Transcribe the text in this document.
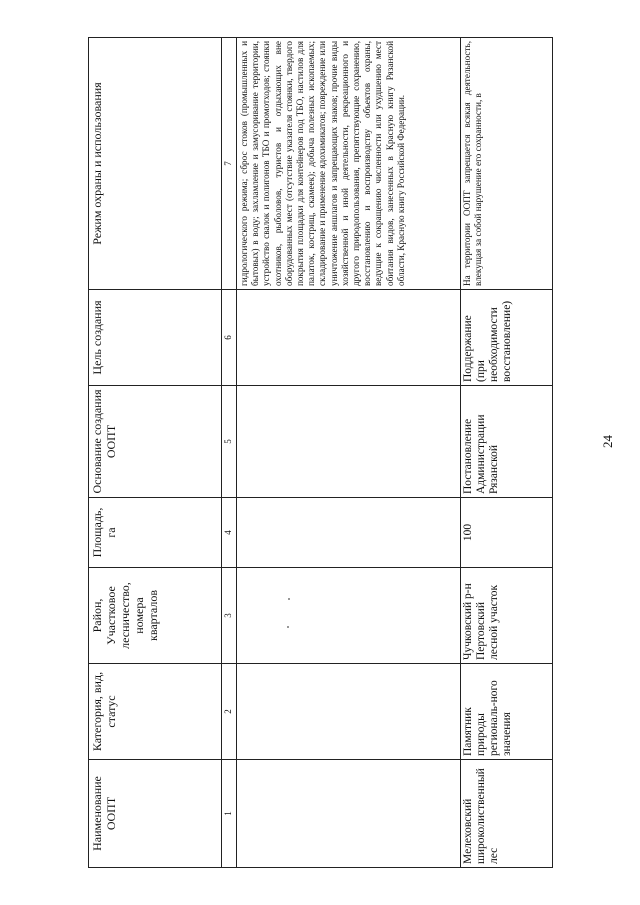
Наименование ООПТ	Категория, вид, статус	Район, Участковое лесничество, номера кварталов	Площадь, га	Основание создания ООПТ	Цель создания	Режим охраны и использования
1	2	3	4	5	6	7
						гидрологического режима; сброс стоков (промышленных и бытовых) в воду; захламление и замусоривание территории, устройство свалок и полигонов ТБО и промотходов; стоянки охотников, рыболовов, туристов и отдыхающих вне оборудованных мест (отсутствие указателя стоянки, твердого покрытия площадки для контейнеров под ТБО, настилов для палаток, кострищ, скамеек); добыча полезных ископаемых; складирование и применение ядохимикатов; повреждение или уничтожение аншлагов и запрещающих знаков; прочие виды хозяйственной и иной деятельности, рекреационного и другого природопользования, препятствующие сохранению, восстановлению и воспроизводству объектов охраны, ведущие к сокращению численности или ухудшению мест обитания видов, занесенных в Красную книгу Рязанской области, Красную книгу Российской Федерации.
Мелеховский широколиственный лес	Памятник природы региональ-ного значения	Чучковский р-н Пертовский лесной участок	100	Постановление Администрации Рязанской	Поддержание (при необходимости восстановление)	На территории ООПТ запрещается всякая деятельность, влекущая за собой нарушение его сохранности, в
24
